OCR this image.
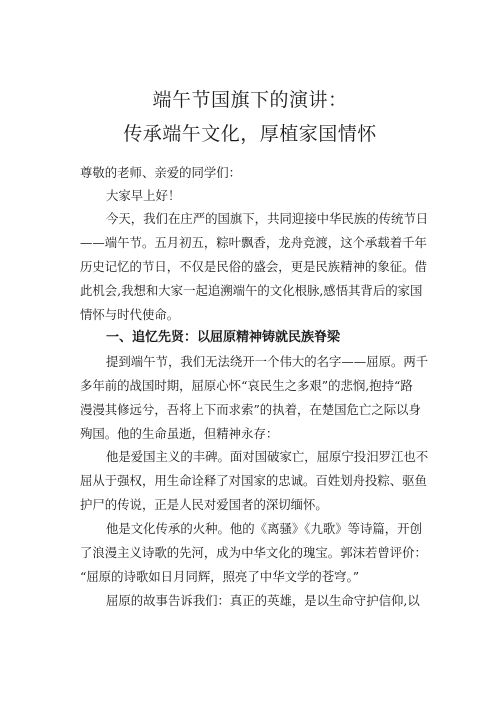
端午节国旗下的演讲：
传承端午文化，厚植家国情怀
尊敬的老师、亲爱的同学们：
大家早上好！
今天，我们在庄严的国旗下，共同迎接中华民族的传统节日
——端午节。五月初五，粽叶飘香，龙舟竞渡，这个承载着千年
历史记忆的节日，不仅是民俗的盛会，更是民族精神的象征。借
此机会,我想和大家一起追溯端午的文化根脉,感悟其背后的家国
情怀与时代使命。
一、追忆先贤：以屈原精神铸就民族脊梁
提到端午节，我们无法绕开一个伟大的名字——屈原。两千
多年前的战国时期，屈原心怀“哀民生之多艰”的悲悯,抱持“路
漫漫其修远兮，吾将上下而求索”的执着，在楚国危亡之际以身
殉国。他的生命虽逝，但精神永存：
他是爱国主义的丰碑。面对国破家亡，屈原宁投汨罗江也不
屈从于强权，用生命诠释了对国家的忠诚。百姓划舟投粽、驱鱼
护尸的传说，正是人民对爱国者的深切缅怀。
他是文化传承的火种。他的《离骚》《九歌》等诗篇，开创
了浪漫主义诗歌的先河，成为中华文化的瑰宝。郭沫若曾评价：
“屈原的诗歌如日月同辉，照亮了中华文学的苍穹。”
屈原的故事告诉我们：真正的英雄，是以生命守护信仰,以
